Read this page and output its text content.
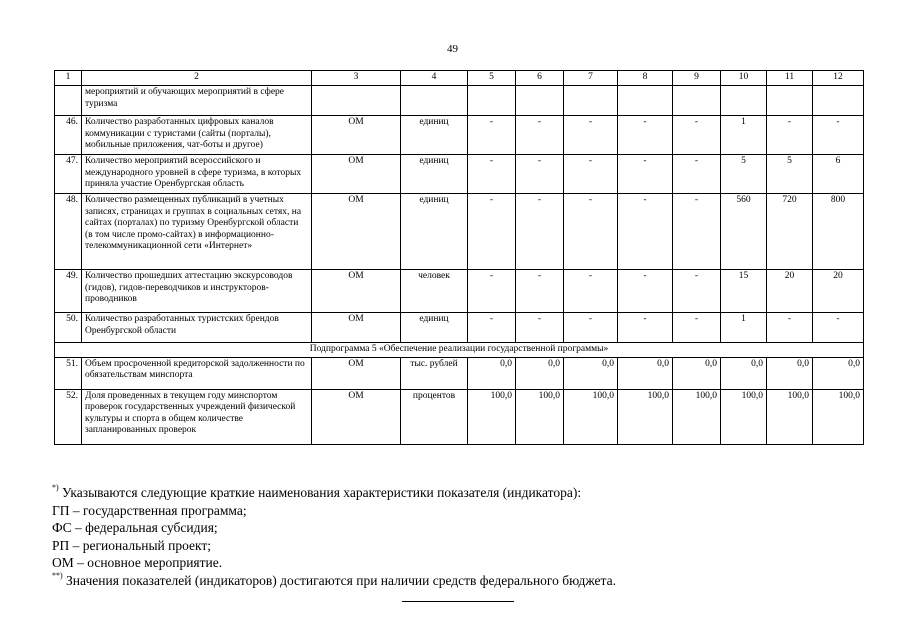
49
1	2	3	4	5	6	7	8	9	10	11	12
	мероприятий и обучающих мероприятий в сфере туризма										
46.	Количество разработанных цифровых каналов коммуникации с туристами (сайты (порталы), мобильные приложения, чат-боты и другое)	ОМ	единиц	-	-	-	-	-	1	-	-
47.	Количество мероприятий всероссийского и международного уровней в сфере туризма, в которых приняла участие Оренбургская область	ОМ	единиц	-	-	-	-	-	5	5	6
48.	Количество размещенных публикаций в учетных записях, страницах и группах в социальных сетях, на сайтах (порталах) по туризму Оренбургской области (в том числе промо-сайтах) в информационно-телекоммуникационной сети «Интернет»	ОМ	единиц	-	-	-	-	-	560	720	800
49.	Количество прошедших аттестацию экскурсоводов (гидов), гидов-переводчиков и инструкторов-проводников	ОМ	человек	-	-	-	-	-	15	20	20
50.	Количество разработанных туристских брендов Оренбургской области	ОМ	единиц	-	-	-	-	-	1	-	-
Подпрограмма 5 «Обеспечение реализации государственной программы»											
51.	Объем просроченной кредиторской задолженности по обязательствам минспорта	ОМ	тыс. рублей	0,0	0,0	0,0	0,0	0,0	0,0	0,0	0,0
52.	Доля проведенных в текущем году минспортом проверок государственных учреждений физической культуры и спорта в общем количестве запланированных проверок	ОМ	процентов	100,0	100,0	100,0	100,0	100,0	100,0	100,0	100,0

*) Указываются следующие краткие наименования характеристики показателя (индикатора):

ГП – государственная программа;

ФС – федеральная субсидия;

РП – региональный проект;

ОМ – основное мероприятие.

**) Значения показателей (индикаторов) достигаются при наличии средств федерального бюджета.
